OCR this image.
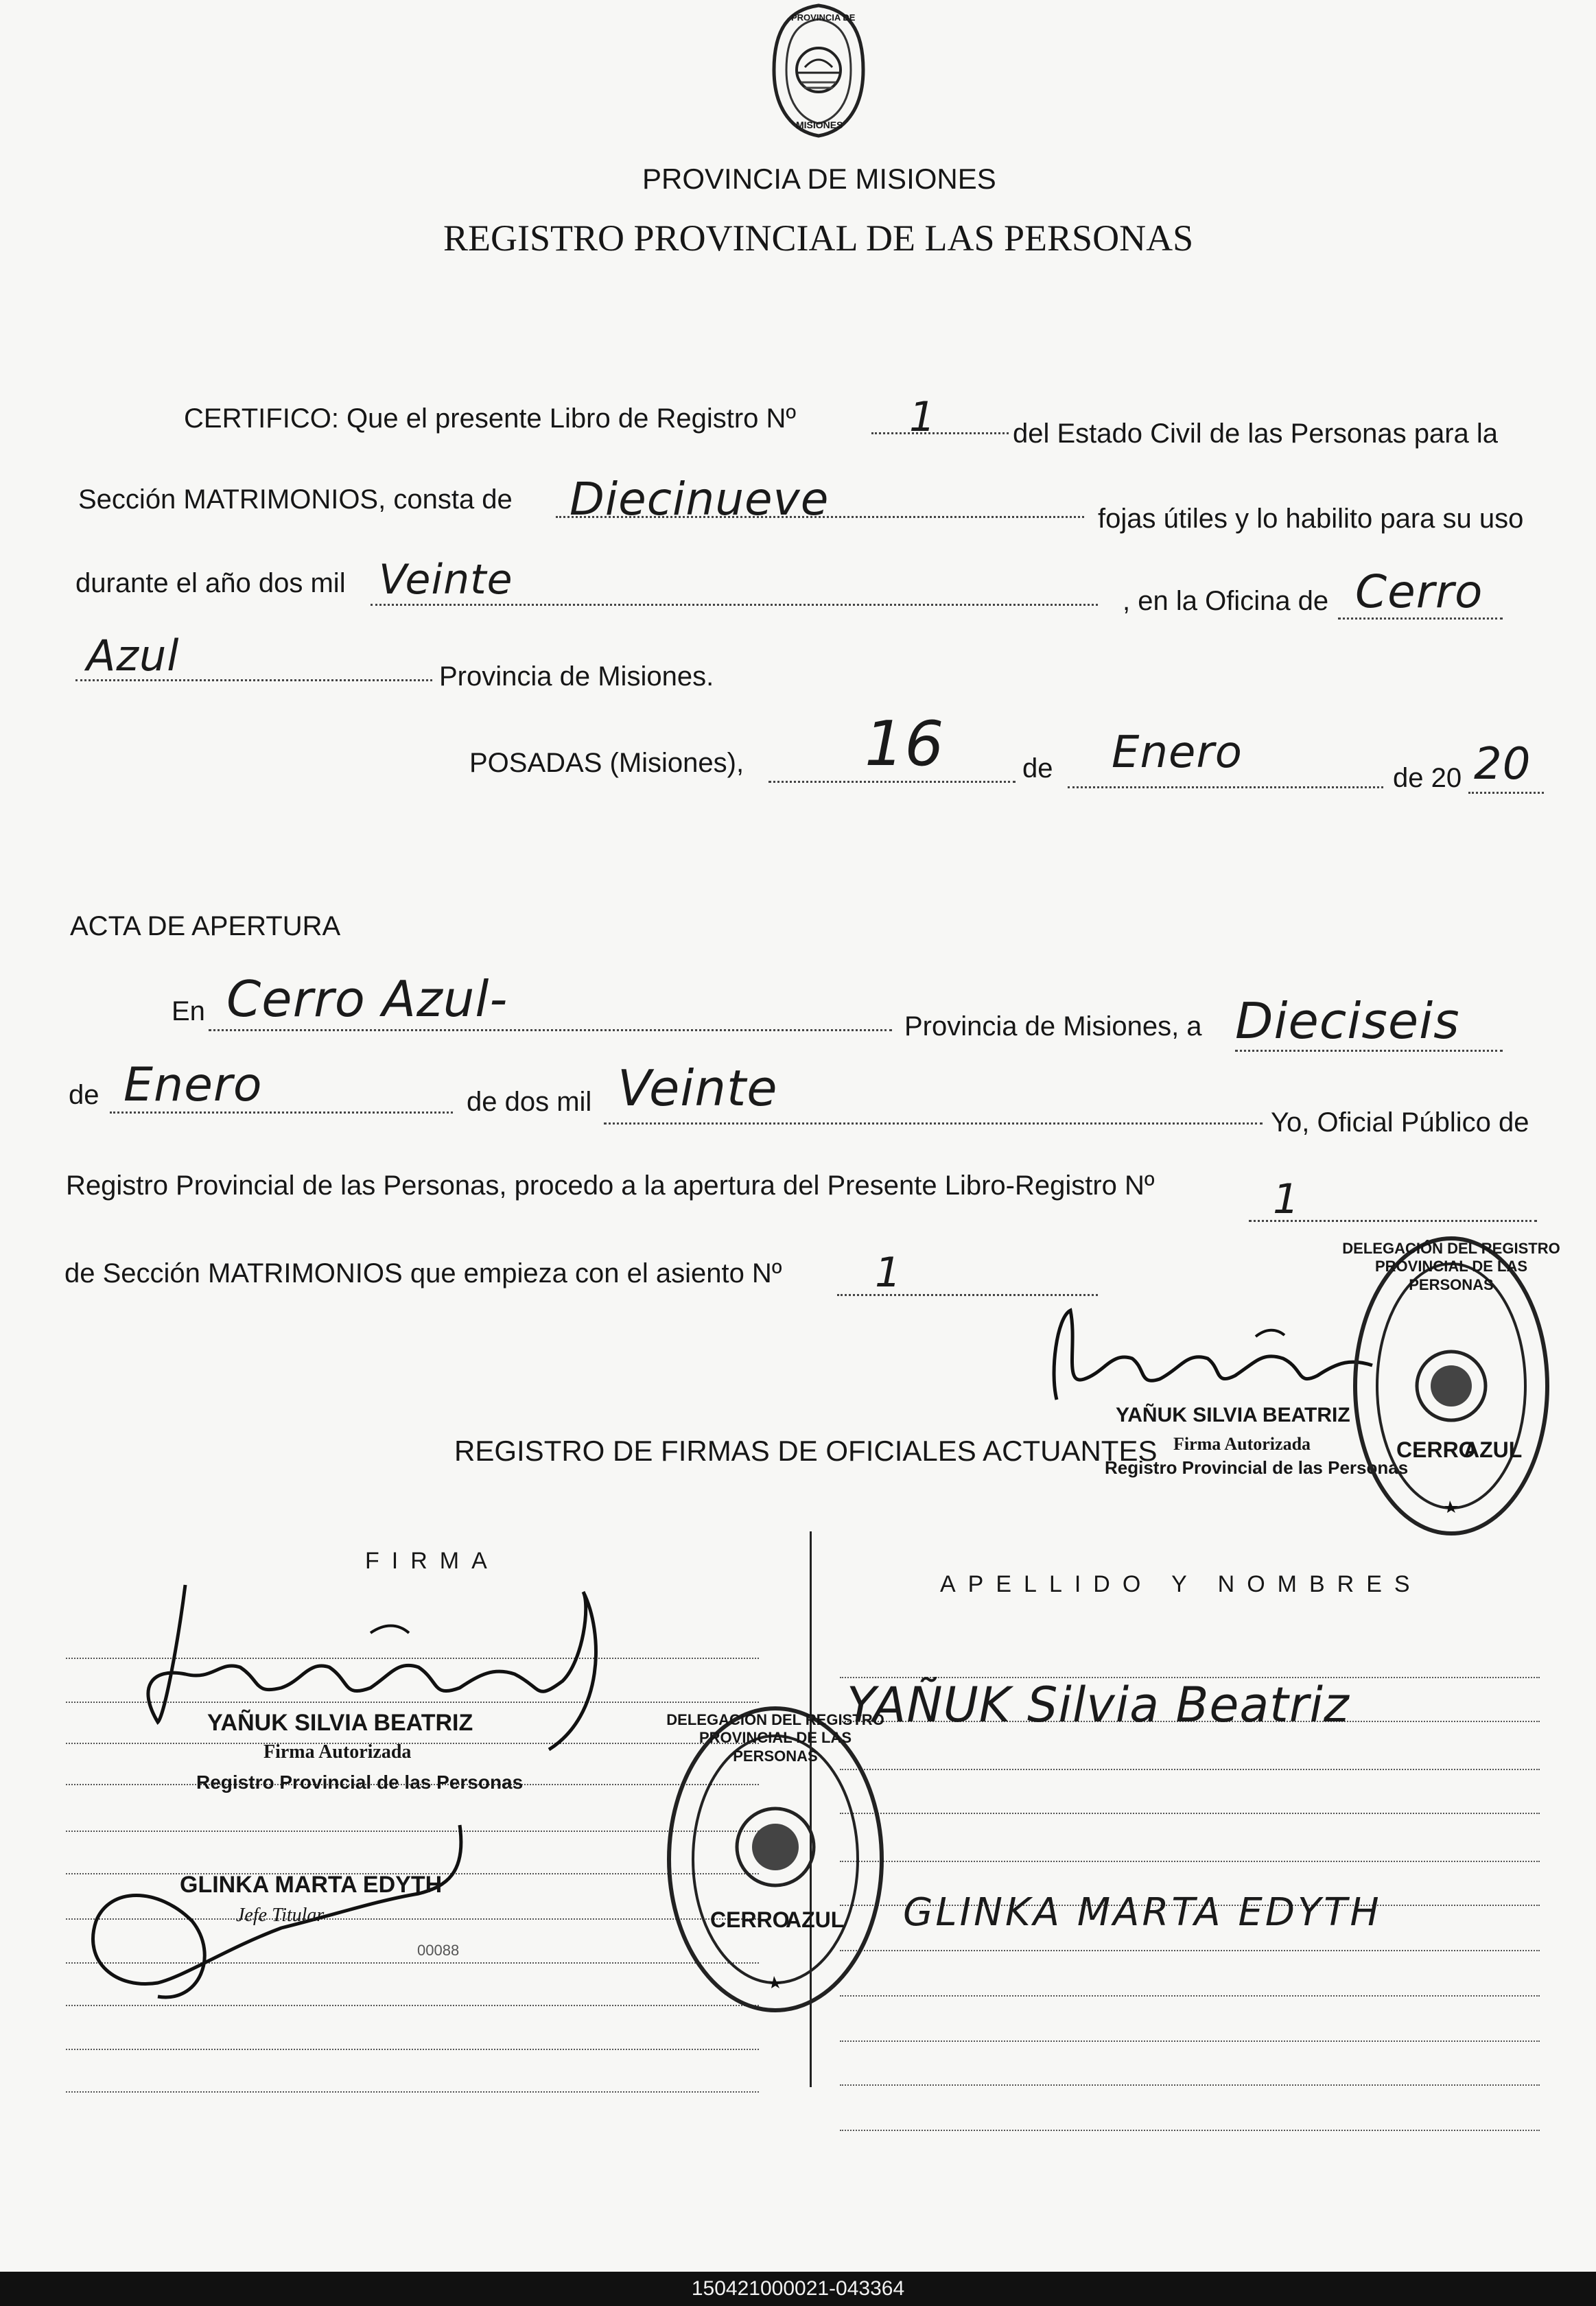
PROVINCIA DE
MISIONES
PROVINCIA DE MISIONES
REGISTRO PROVINCIAL DE LAS PERSONAS
CERTIFICO: Que el presente Libro de Registro Nº	1	del Estado Civil de las Personas para la
Sección MATRIMONIOS, consta de Diecinueve	fojas útiles y lo habilito para su uso
durante el año dos mil Veinte	, en la Oficina de Cerro
Azul	Provincia de Misiones.
POSADAS (Misiones), 16	de Enero	de 20 20
ACTA DE APERTURA
En Cerro Azul-	Provincia de Misiones, a Dieciseis
de Enero	de dos mil Veinte
Yo, Oficial Público de
Registro Provincial de las Personas, procedo a la apertura del Presente Libro-Registro Nº	1
de Sección MATRIMONIOS que empieza con el asiento Nº 1
YAÑUK SILVIA BEATRIZ
Firma Autorizada
Registro Provincial de las Personas
DELEGACIÓN DEL REGISTRO PROVINCIAL DE LAS PERSONAS
CERRO
AZUL
REGISTRO DE FIRMAS DE OFICIALES ACTUANTES
FIRMA
APELLIDO Y NOMBRES
YAÑUK SILVIA BEATRIZ
Firma Autorizada
Registro Provincial de las Personas
GLINKA MARTA EDYTH
Jefe Titular
00088
DELEGACIÓN DEL REGISTRO PROVINCIAL DE LAS PERSONAS
CERRO
AZUL
YAÑUK Silvia Beatriz
GLINKA MARTA EDYTH
150421000021-043364
